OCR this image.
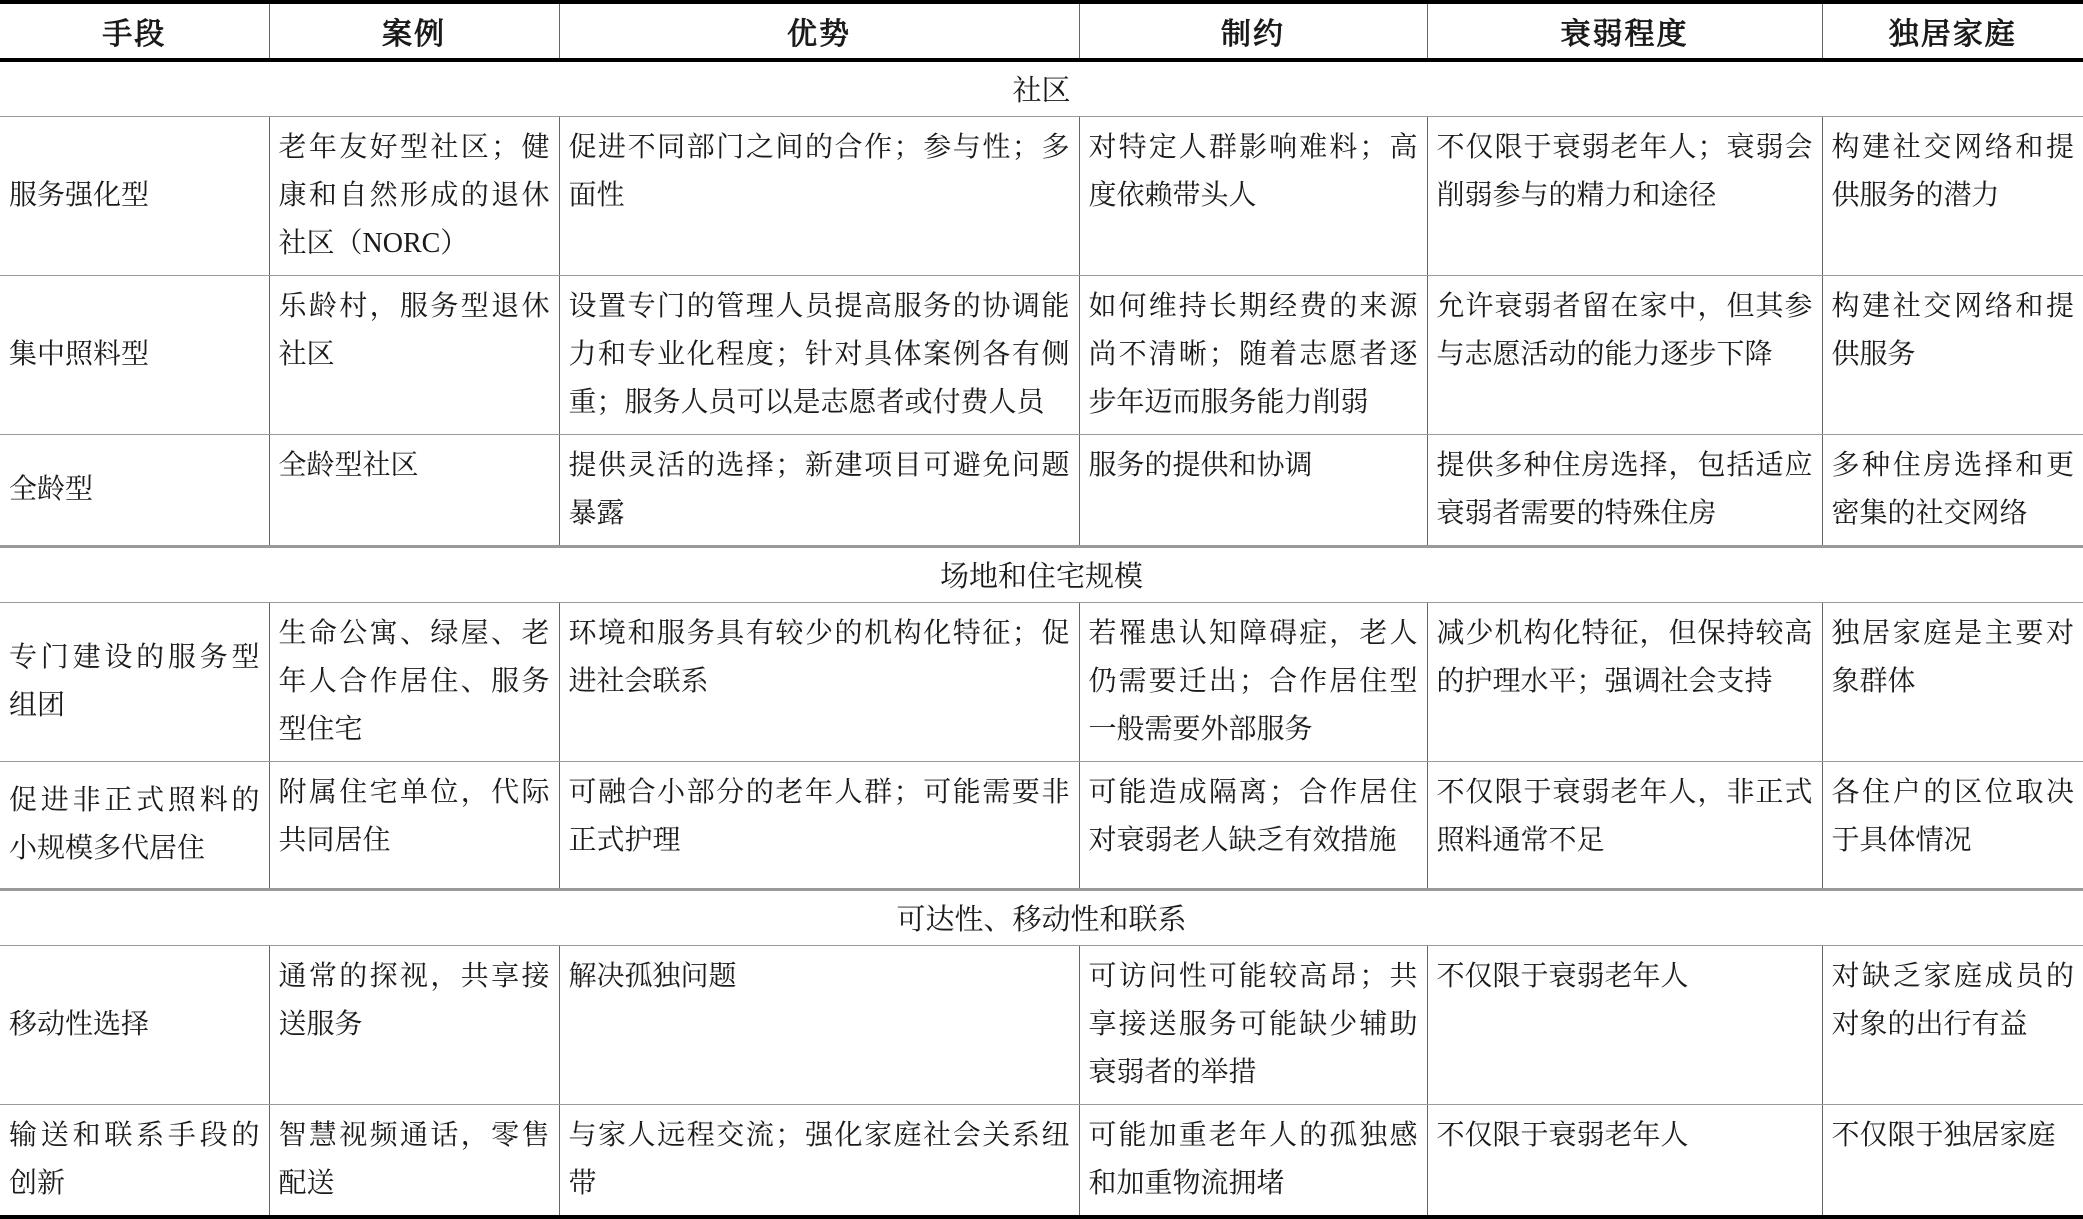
手段	案例	优势	制约	衰弱程度	独居家庭
社区					
服务强化型	老年友好型社区；健康和自然形成的退休社区（NORC）	促进不同部门之间的合作；参与性；多面性	对特定人群影响难料；高度依赖带头人	不仅限于衰弱老年人；衰弱会削弱参与的精力和途径	构建社交网络和提供服务的潜力
集中照料型	乐龄村，服务型退休社区	设置专门的管理人员提高服务的协调能力和专业化程度；针对具体案例各有侧重；服务人员可以是志愿者或付费人员	如何维持长期经费的来源尚不清晰；随着志愿者逐步年迈而服务能力削弱	允许衰弱者留在家中，但其参与志愿活动的能力逐步下降	构建社交网络和提供服务
全龄型	全龄型社区	提供灵活的选择；新建项目可避免问题暴露	服务的提供和协调	提供多种住房选择，包括适应衰弱者需要的特殊住房	多种住房选择和更密集的社交网络
场地和住宅规模					
专门建设的服务型组团	生命公寓、绿屋、老年人合作居住、服务型住宅	环境和服务具有较少的机构化特征；促进社会联系	若罹患认知障碍症，老人仍需要迁出；合作居住型一般需要外部服务	减少机构化特征，但保持较高的护理水平；强调社会支持	独居家庭是主要对象群体
促进非正式照料的小规模多代居住	附属住宅单位，代际共同居住	可融合小部分的老年人群；可能需要非正式护理	可能造成隔离；合作居住对衰弱老人缺乏有效措施	不仅限于衰弱老年人，非正式照料通常不足	各住户的区位取决于具体情况
可达性、移动性和联系					
移动性选择	通常的探视，共享接送服务	解决孤独问题	可访问性可能较高昂；共享接送服务可能缺少辅助衰弱者的举措	不仅限于衰弱老年人	对缺乏家庭成员的对象的出行有益
输送和联系手段的创新	智慧视频通话，零售配送	与家人远程交流；强化家庭社会关系纽带	可能加重老年人的孤独感和加重物流拥堵	不仅限于衰弱老年人	不仅限于独居家庭
